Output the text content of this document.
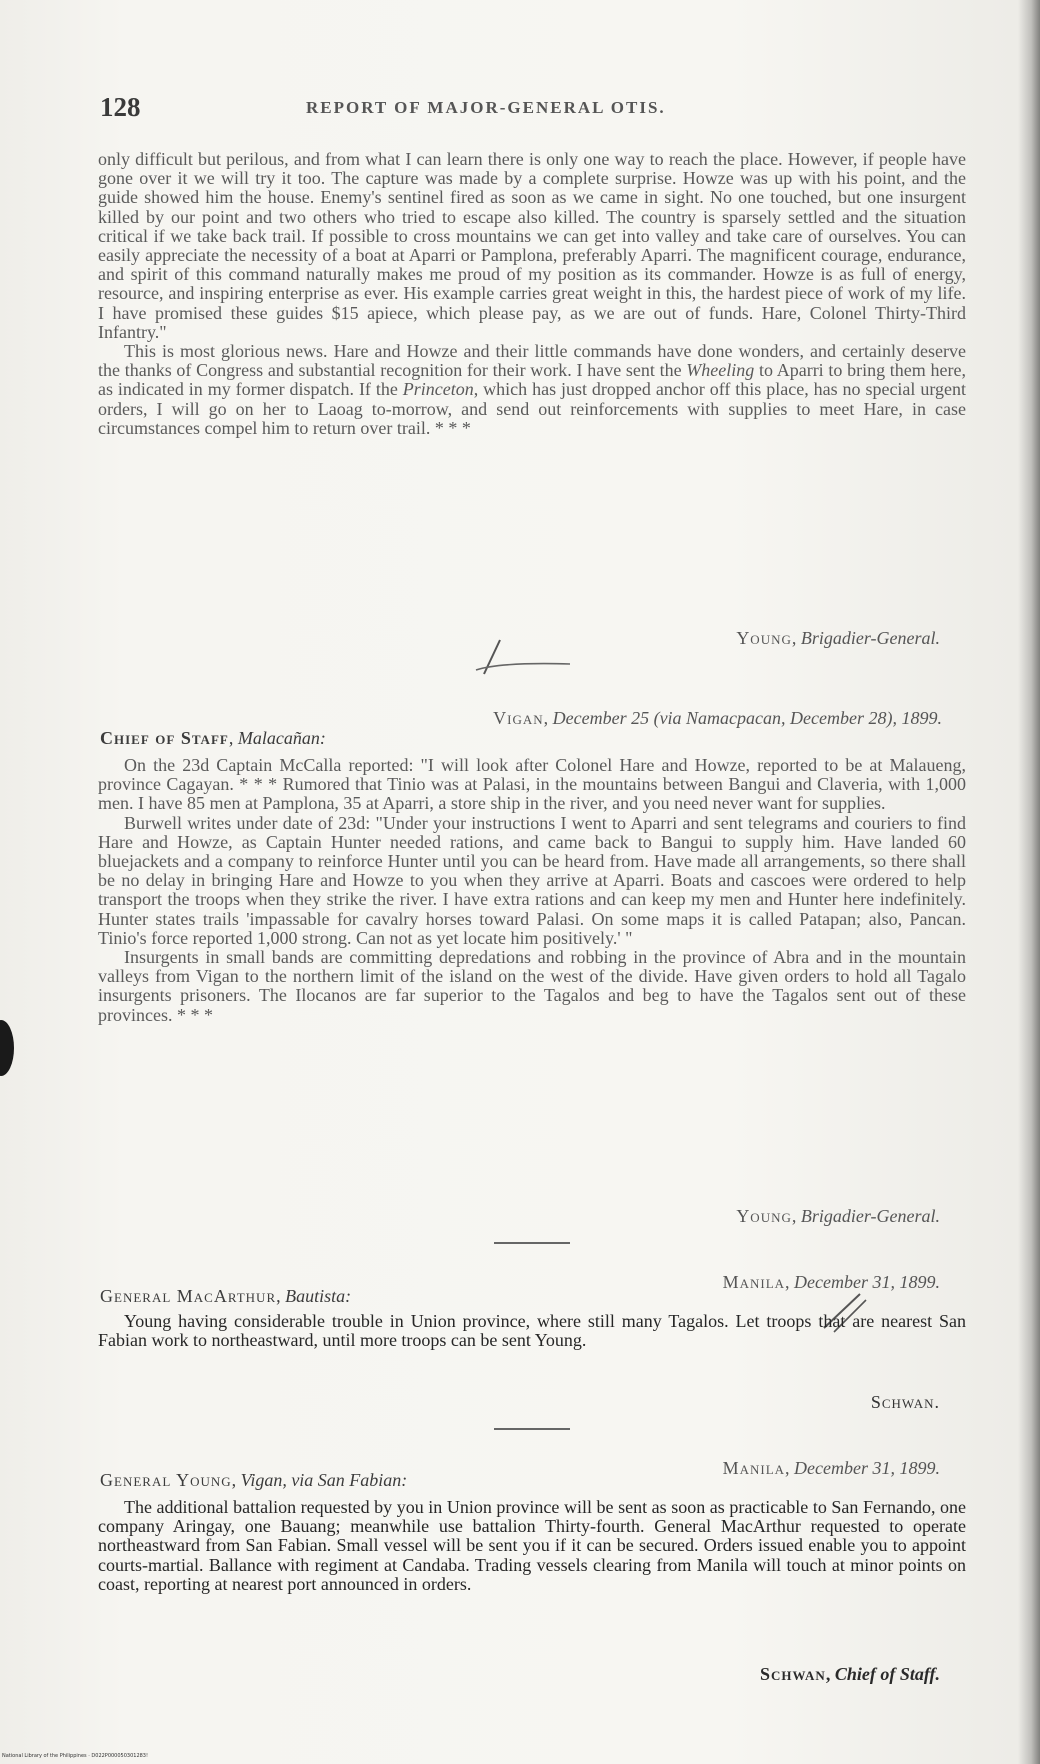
128	REPORT OF MAJOR-GENERAL OTIS.

only difficult but perilous, and from what I can learn there is only one way to reach the place. However, if people have gone over it we will try it too. The capture was made by a complete surprise. Howze was up with his point, and the guide showed him the house. Enemy's sentinel fired as soon as we came in sight. No one touched, but one insurgent killed by our point and two others who tried to escape also killed. The country is sparsely settled and the situation critical if we take back trail. If possible to cross mountains we can get into valley and take care of ourselves. You can easily appreciate the necessity of a boat at Aparri or Pamplona, preferably Aparri. The magnificent courage, endurance, and spirit of this command naturally makes me proud of my position as its commander. Howze is as full of energy, resource, and inspiring enterprise as ever. His example carries great weight in this, the hardest piece of work of my life. I have promised these guides $15 apiece, which please pay, as we are out of funds. Hare, Colonel Thirty-Third Infantry."

This is most glorious news. Hare and Howze and their little commands have done wonders, and certainly deserve the thanks of Congress and substantial recognition for their work. I have sent the Wheeling to Aparri to bring them here, as indicated in my former dispatch. If the Princeton, which has just dropped anchor off this place, has no special urgent orders, I will go on her to Laoag to-morrow, and send out reinforcements with supplies to meet Hare, in case circumstances compel him to return over trail. * * *

Young, Brigadier-General.
Vigan, December 25 (via Namacpacan, December 28), 1899.
Chief of Staff, Malacañan:

On the 23d Captain McCalla reported: "I will look after Colonel Hare and Howze, reported to be at Malaueng, province Cagayan. * * * Rumored that Tinio was at Palasi, in the mountains between Bangui and Claveria, with 1,000 men. I have 85 men at Pamplona, 35 at Aparri, a store ship in the river, and you need never want for supplies.

Burwell writes under date of 23d: "Under your instructions I went to Aparri and sent telegrams and couriers to find Hare and Howze, as Captain Hunter needed rations, and came back to Bangui to supply him. Have landed 60 bluejackets and a company to reinforce Hunter until you can be heard from. Have made all arrangements, so there shall be no delay in bringing Hare and Howze to you when they arrive at Aparri. Boats and cascoes were ordered to help transport the troops when they strike the river. I have extra rations and can keep my men and Hunter here indefinitely. Hunter states trails 'impassable for cavalry horses toward Palasi. On some maps it is called Patapan; also, Pancan. Tinio's force reported 1,000 strong. Can not as yet locate him positively.' "

Insurgents in small bands are committing depredations and robbing in the province of Abra and in the mountain valleys from Vigan to the northern limit of the island on the west of the divide. Have given orders to hold all Tagalo insurgents prisoners. The Ilocanos are far superior to the Tagalos and beg to have the Tagalos sent out of these provinces. * * *

Young, Brigadier-General.
Manila, December 31, 1899.
General MacArthur, Bautista:

Young having considerable trouble in Union province, where still many Tagalos. Let troops that are nearest San Fabian work to northeastward, until more troops can be sent Young.

Schwan.
Manila, December 31, 1899.
General Young, Vigan, via San Fabian:

The additional battalion requested by you in Union province will be sent as soon as practicable to San Fernando, one company Aringay, one Bauang; meanwhile use battalion Thirty-fourth. General MacArthur requested to operate northeastward from San Fabian. Small vessel will be sent you if it can be secured. Orders issued enable you to appoint courts-martial. Ballance with regiment at Candaba. Trading vessels clearing from Manila will touch at minor points on coast, reporting at nearest port announced in orders.

Schwan, Chief of Staff.
National Library of the Philippines · D022P000050301283!
